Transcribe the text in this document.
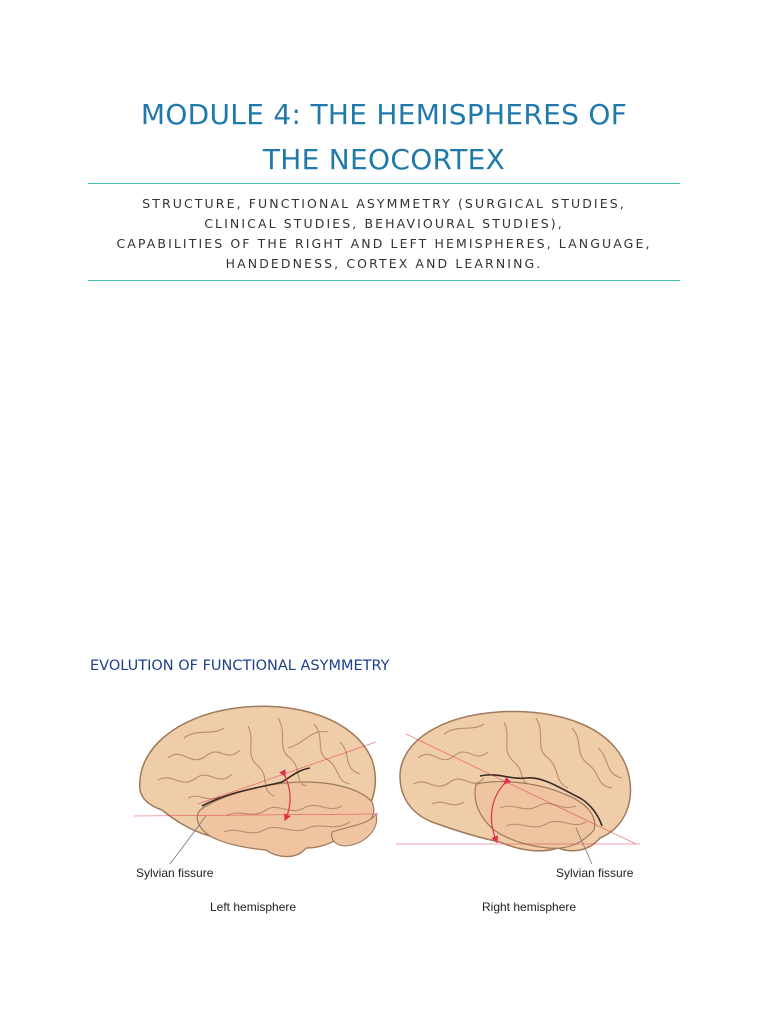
MODULE 4: THE HEMISPHERES OF
THE NEOCORTEX
STRUCTURE, FUNCTIONAL ASYMMETRY (SURGICAL STUDIES,
CLINICAL STUDIES, BEHAVIOURAL STUDIES),
CAPABILITIES OF THE RIGHT AND LEFT HEMISPHERES, LANGUAGE,
HANDEDNESS, CORTEX AND LEARNING.
EVOLUTION OF FUNCTIONAL ASYMMETRY
Sylvian fissure
Left hemisphere
Sylvian fissure
Right hemisphere
